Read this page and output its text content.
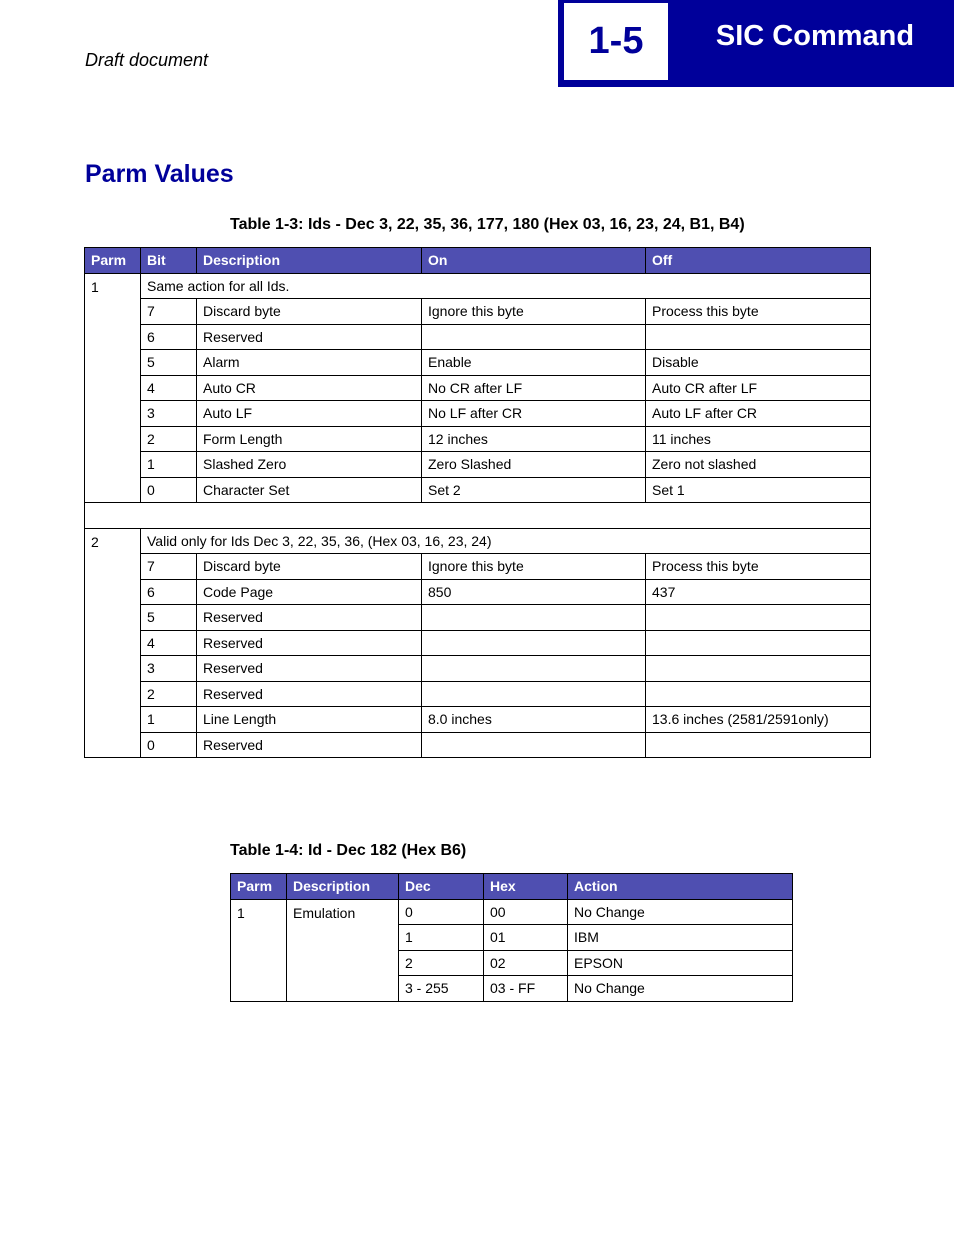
Draft document	1-5	SIC Command
Parm Values
Table 1-3: Ids - Dec 3, 22, 35, 36, 177, 180 (Hex 03, 16, 23, 24, B1, B4)
Parm	Bit	Description	On	Off
1	Same action for all Ids.			
	7	Discard byte	Ignore this byte	Process this byte
	6	Reserved		
	5	Alarm	Enable	Disable
	4	Auto CR	No CR after LF	Auto CR after LF
	3	Auto LF	No LF after CR	Auto LF after CR
	2	Form Length	12 inches	11 inches
	1	Slashed Zero	Zero Slashed	Zero not slashed
	0	Character Set	Set 2	Set 1

2	Valid only for Ids Dec 3, 22, 35, 36, (Hex 03, 16, 23, 24)			
	7	Discard byte	Ignore this byte	Process this byte
	6	Code Page	850	437
	5	Reserved		
	4	Reserved		
	3	Reserved		
	2	Reserved		
	1	Line Length	8.0 inches	13.6 inches (2581/2591only)
	0	Reserved		
Table 1-4: Id - Dec 182 (Hex B6)
Parm	Description	Dec	Hex	Action
1	Emulation	0	00	No Change
		1	01	IBM
		2	02	EPSON
		3 - 255	03 - FF	No Change
